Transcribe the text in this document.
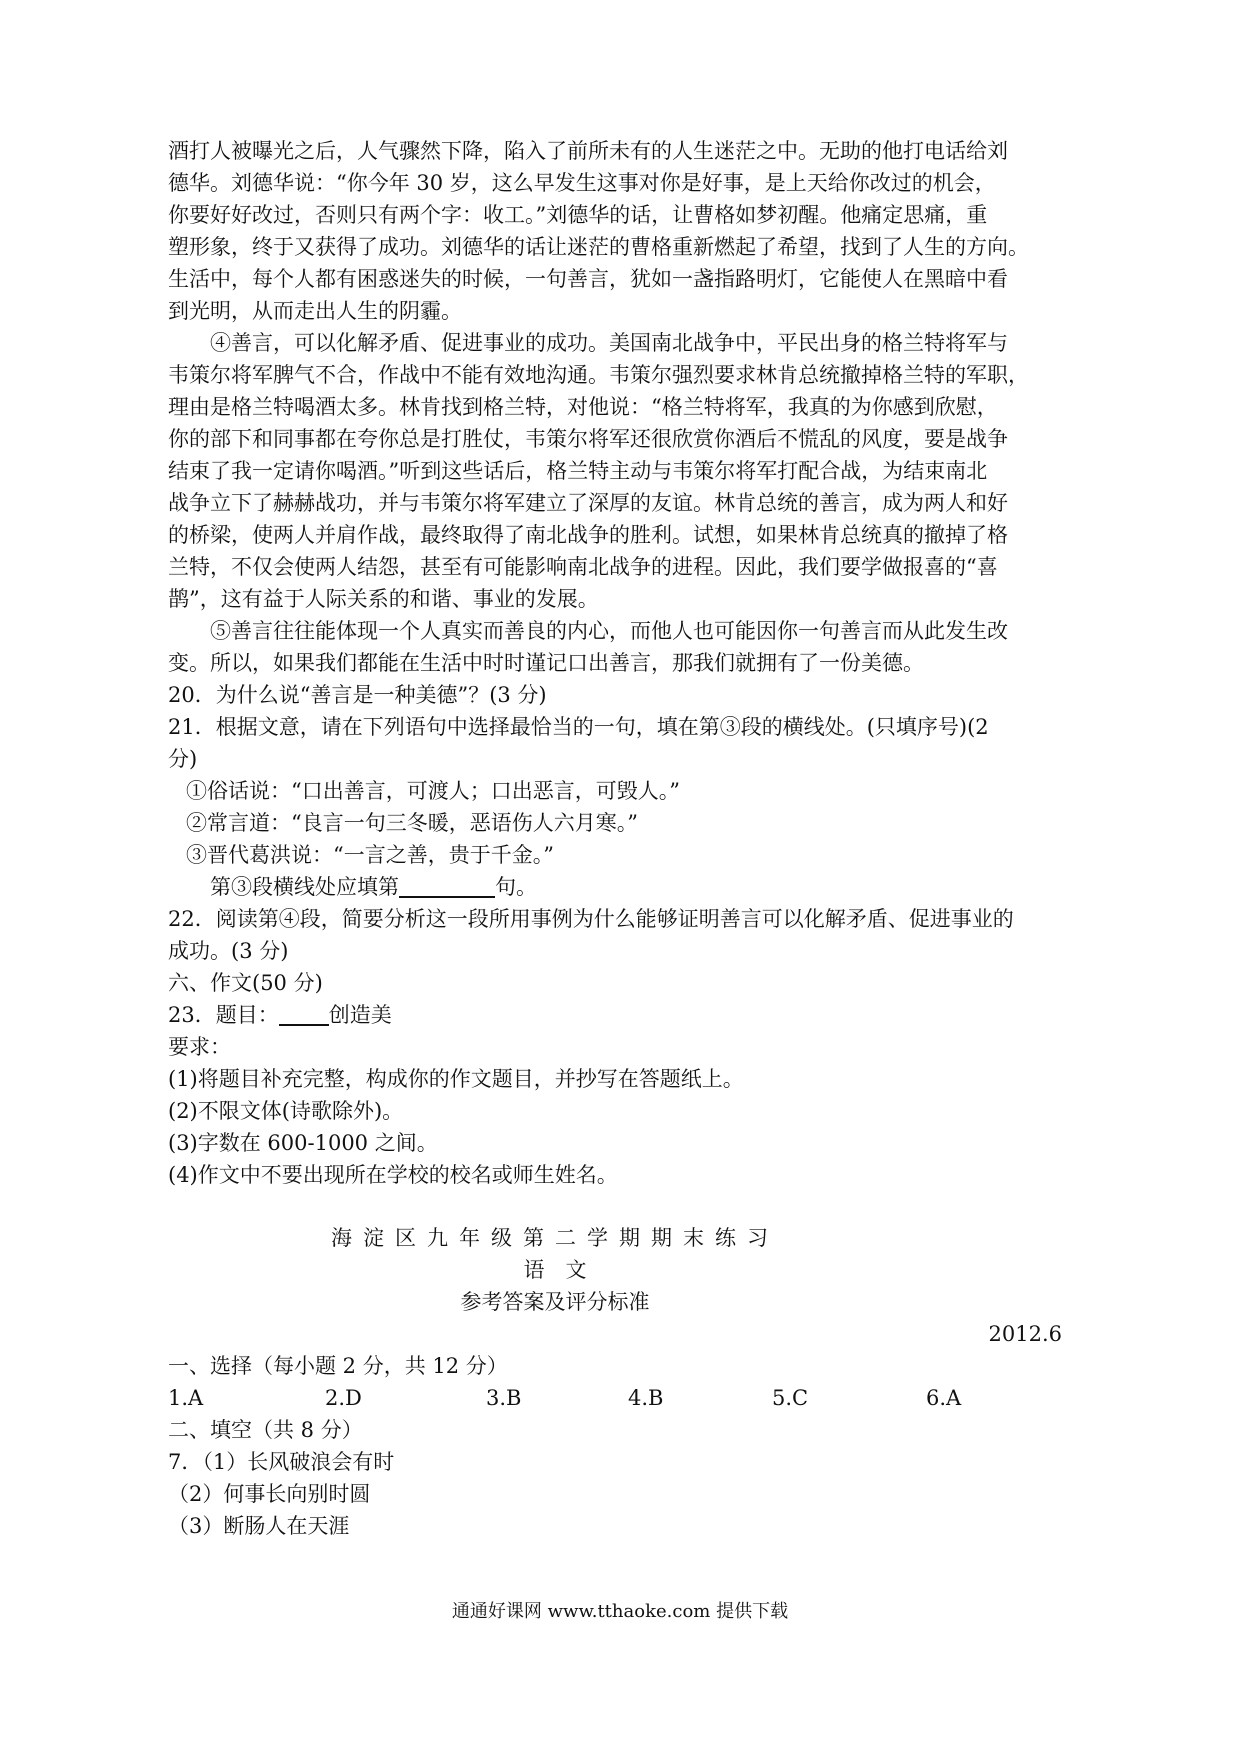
酒打人被曝光之后，人气骤然下降，陷入了前所未有的人生迷茫之中。无助的他打电话给刘
德华。刘德华说：“你今年 30 岁，这么早发生这事对你是好事，是上天给你改过的机会，
你要好好改过，否则只有两个字：收工。”刘德华的话，让曹格如梦初醒。他痛定思痛，重
塑形象，终于又获得了成功。刘德华的话让迷茫的曹格重新燃起了希望，找到了人生的方向。
生活中，每个人都有困惑迷失的时候，一句善言，犹如一盏指路明灯，它能使人在黑暗中看
到光明，从而走出人生的阴霾。
④善言，可以化解矛盾、促进事业的成功。美国南北战争中，平民出身的格兰特将军与
韦策尔将军脾气不合，作战中不能有效地沟通。韦策尔强烈要求林肯总统撤掉格兰特的军职，
理由是格兰特喝酒太多。林肯找到格兰特，对他说：“格兰特将军，我真的为你感到欣慰，
你的部下和同事都在夸你总是打胜仗，韦策尔将军还很欣赏你酒后不慌乱的风度，要是战争
结束了我一定请你喝酒。”听到这些话后，格兰特主动与韦策尔将军打配合战，为结束南北
战争立下了赫赫战功，并与韦策尔将军建立了深厚的友谊。林肯总统的善言，成为两人和好
的桥梁，使两人并肩作战，最终取得了南北战争的胜利。试想，如果林肯总统真的撤掉了格
兰特，不仅会使两人结怨，甚至有可能影响南北战争的进程。因此，我们要学做报喜的“喜
鹊”，这有益于人际关系的和谐、事业的发展。
⑤善言往往能体现一个人真实而善良的内心，而他人也可能因你一句善言而从此发生改
变。所以，如果我们都能在生活中时时谨记口出善言，那我们就拥有了一份美德。
20．为什么说“善言是一种美德”？(3 分)
21．根据文意，请在下列语句中选择最恰当的一句，填在第③段的横线处。(只填序号)(2
分)
①俗话说：“口出善言，可渡人；口出恶言，可毁人。”
②常言道：“良言一句三冬暖，恶语伤人六月寒。”
③晋代葛洪说：“一言之善，贵于千金。”
第③段横线处应填第	句。
22．阅读第④段，简要分析这一段所用事例为什么能够证明善言可以化解矛盾、促进事业的
成功。(3 分)
六、作文(50 分)
23．题目： 创造美
要求：
(1)将题目补充完整，构成你的作文题目，并抄写在答题纸上。
(2)不限文体(诗歌除外)。
(3)字数在 600-1000 之间。
(4)作文中不要出现所在学校的校名或师生姓名。
海淀区九年级第二学期期末练习
语　文
参考答案及评分标准
2012.6
一、选择（每小题 2 分，共 12 分）
1.A	2.D	3.B	4.B	5.C	6.A
二、填空（共 8 分）
7．（1）长风破浪会有时
（2）何事长向别时圆
（3）断肠人在天涯
通通好课网 www.tthaoke.com 提供下载
